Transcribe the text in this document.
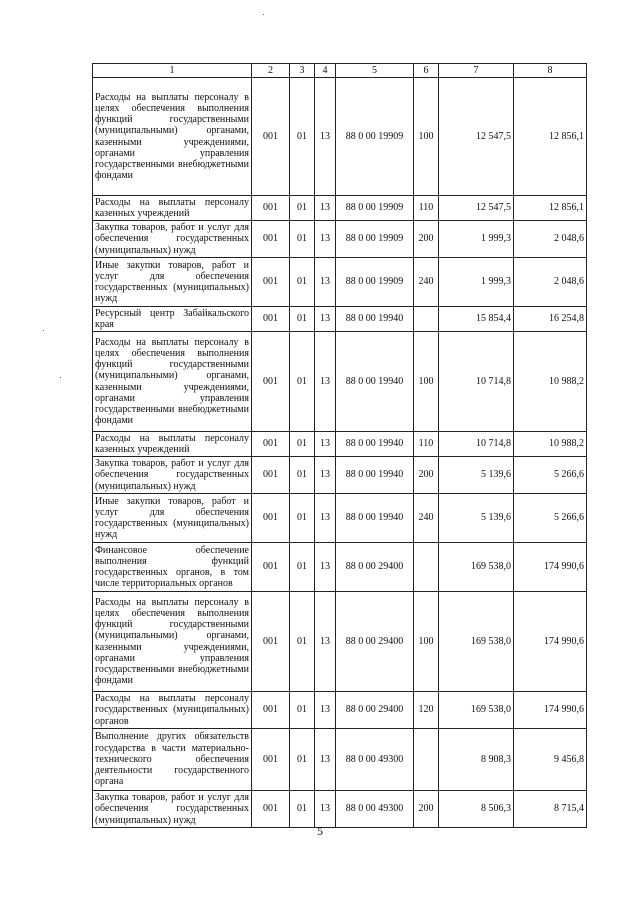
1	2	3	4	5	6	7	8
Расходы на выплаты персоналу в целях обеспечения выполнения функций государственными (муниципальными) органами, казенными учреждениями, органами управления государственными внебюджетными фондами	001	01	13	88 0 00 19909	100	12 547,5	12 856,1
Расходы на выплаты персоналу казенных учреждений	001	01	13	88 0 00 19909	110	12 547,5	12 856,1
Закупка товаров, работ и услуг для обеспечения государственных (муниципальных) нужд	001	01	13	88 0 00 19909	200	1 999,3	2 048,6
Иные закупки товаров, работ и услуг для обеспечения государственных (муниципальных) нужд	001	01	13	88 0 00 19909	240	1 999,3	2 048,6
Ресурсный центр Забайкальского края	001	01	13	88 0 00 19940		15 854,4	16 254,8
Расходы на выплаты персоналу в целях обеспечения выполнения функций государственными (муниципальными) органами, казенными учреждениями, органами управления государственными внебюджетными фондами	001	01	13	88 0 00 19940	100	10 714,8	10 988,2
Расходы на выплаты персоналу казенных учреждений	001	01	13	88 0 00 19940	110	10 714,8	10 988,2
Закупка товаров, работ и услуг для обеспечения государственных (муниципальных) нужд	001	01	13	88 0 00 19940	200	5 139,6	5 266,6
Иные закупки товаров, работ и услуг для обеспечения государственных (муниципальных) нужд	001	01	13	88 0 00 19940	240	5 139,6	5 266,6
Финансовое обеспечение выполнения функций государственных органов, в том числе территориальных органов	001	01	13	88 0 00 29400		169 538,0	174 990,6
Расходы на выплаты персоналу в целях обеспечения выполнения функций государственными (муниципальными) органами, казенными учреждениями, органами управления государственными внебюджетными фондами	001	01	13	88 0 00 29400	100	169 538,0	174 990,6
Расходы на выплаты персоналу государственных (муниципальных) органов	001	01	13	88 0 00 29400	120	169 538,0	174 990,6
Выполнение других обязательств государства в части материально-технического обеспечения деятельности государственного органа	001	01	13	88 0 00 49300		8 908,3	9 456,8
Закупка товаров, работ и услуг для обеспечения государственных (муниципальных) нужд	001	01	13	88 0 00 49300	200	8 506,3	8 715,4
5
